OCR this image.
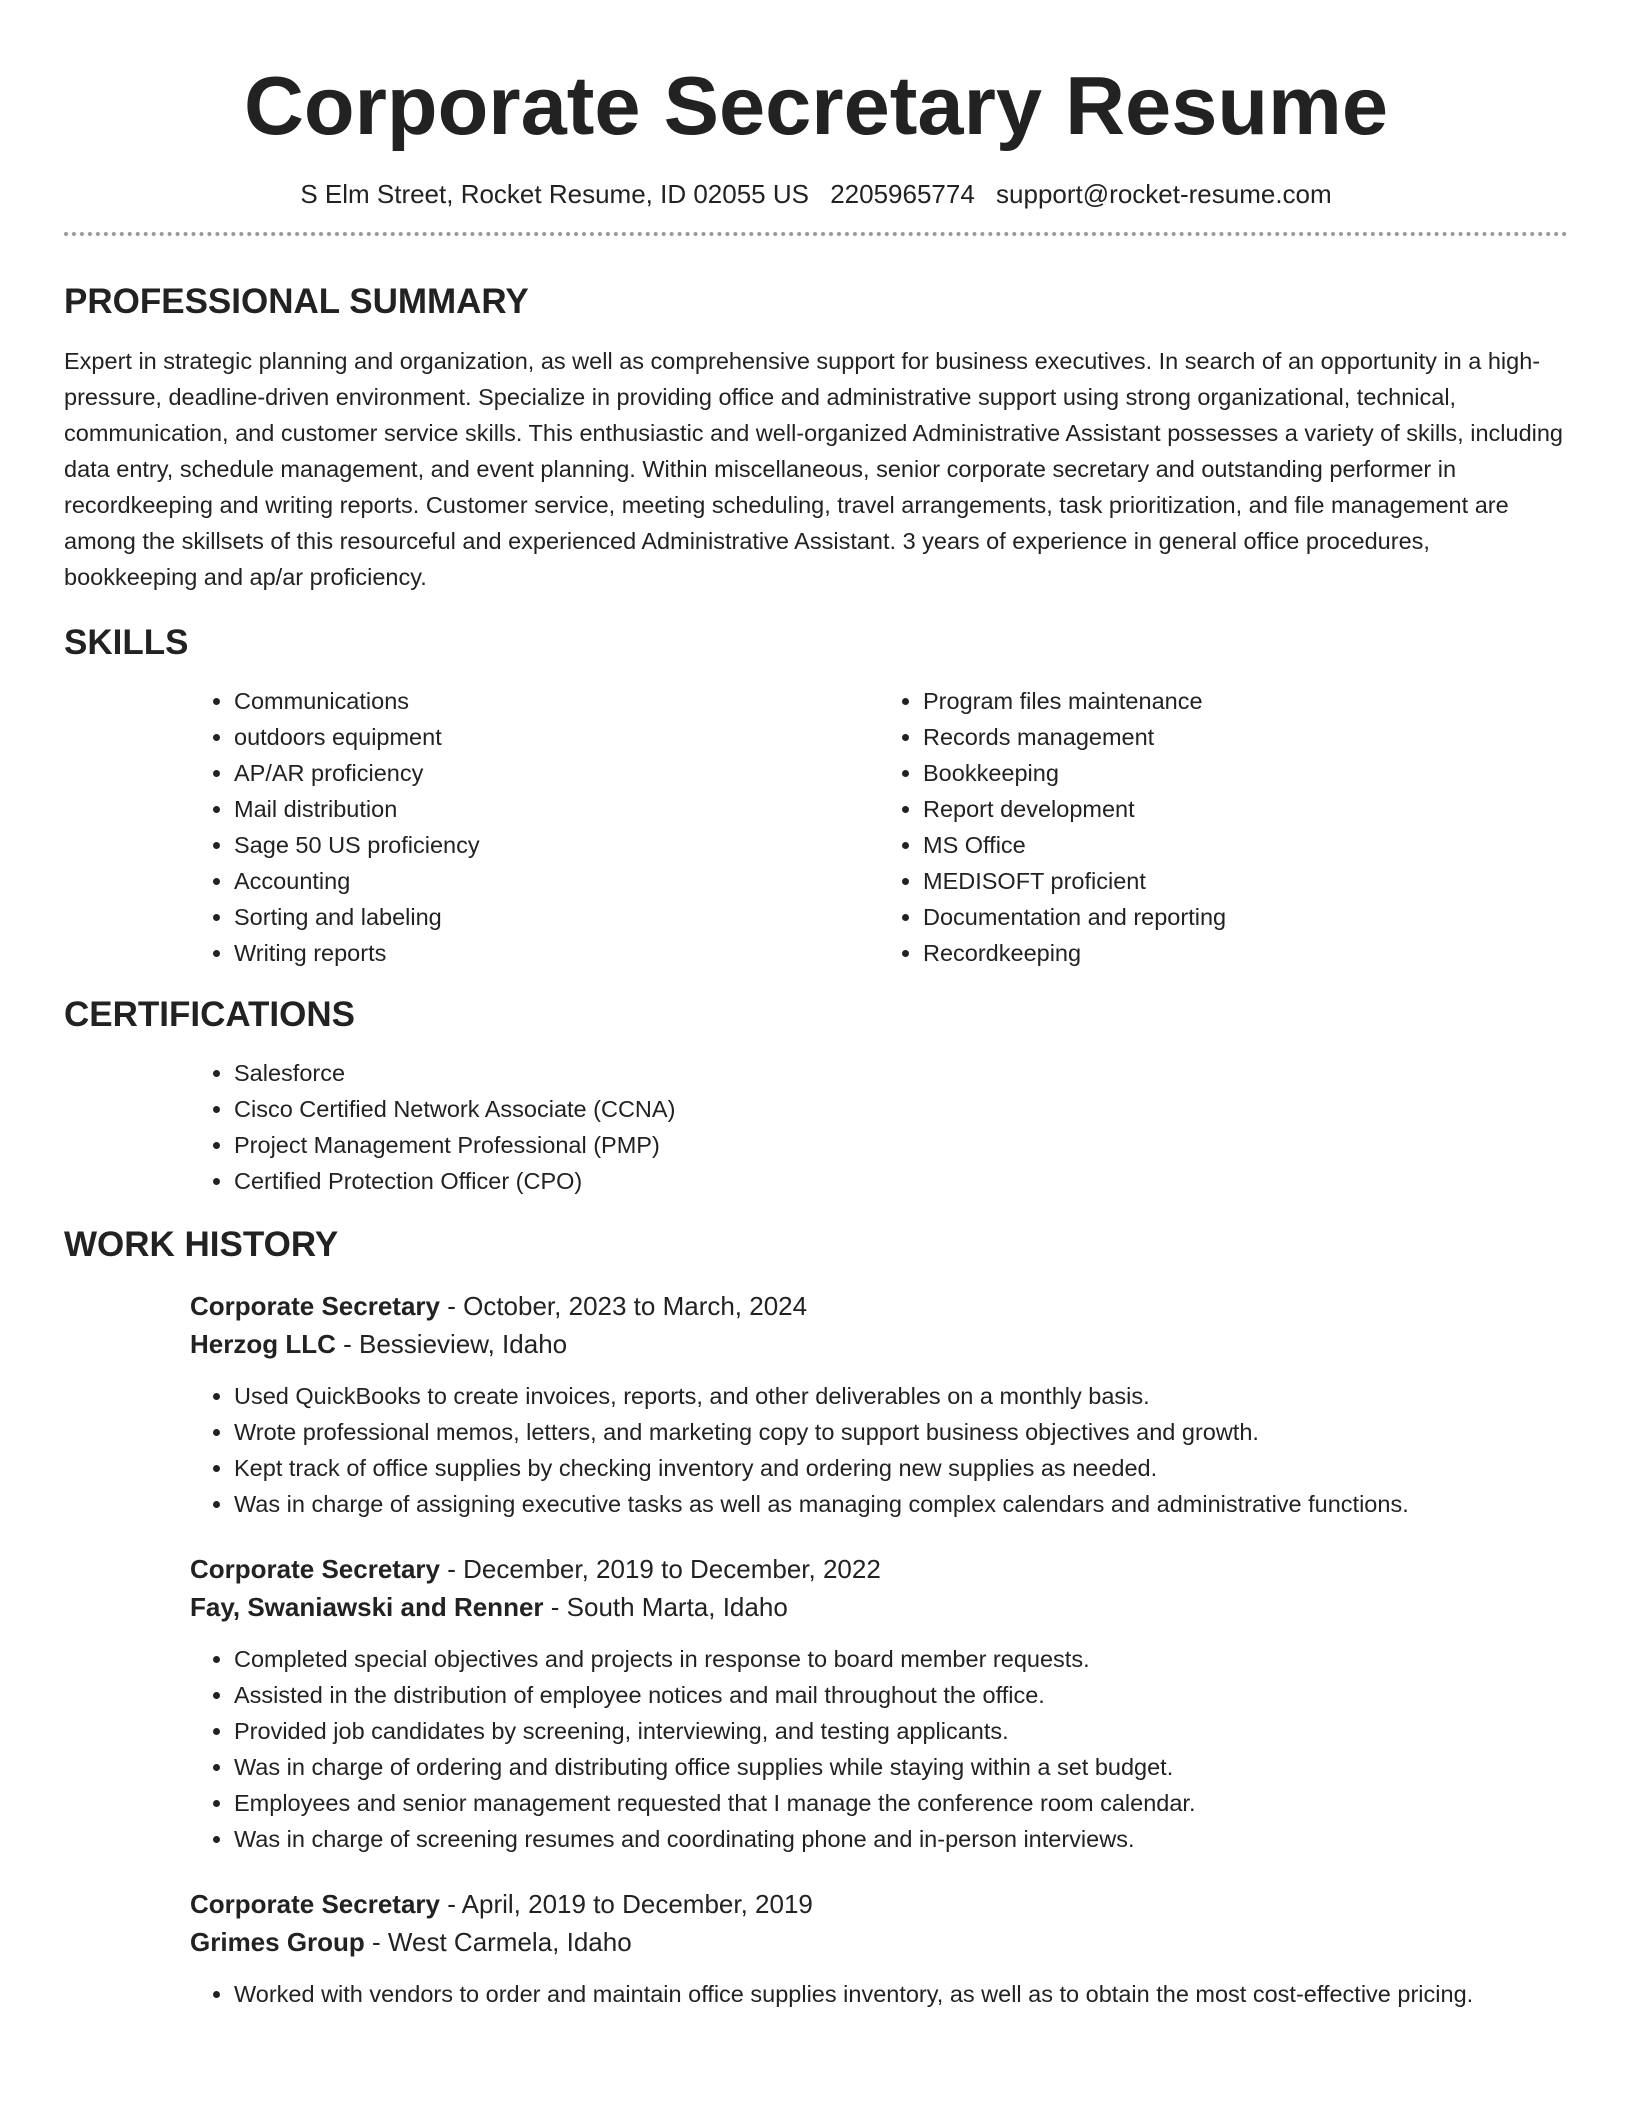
Corporate Secretary Resume
S Elm Street, Rocket Resume, ID 02055 US 2205965774 support@rocket-resume.com
PROFESSIONAL SUMMARY

Expert in strategic planning and organization, as well as comprehensive support for business executives. In search of an opportunity in a high-pressure, deadline-driven environment. Specialize in providing office and administrative support using strong organizational, technical, communication, and customer service skills. This enthusiastic and well-organized Administrative Assistant possesses a variety of skills, including data entry, schedule management, and event planning. Within miscellaneous, senior corporate secretary and outstanding performer in recordkeeping and writing reports. Customer service, meeting scheduling, travel arrangements, task prioritization, and file management are among the skillsets of this resourceful and experienced Administrative Assistant. 3 years of experience in general office procedures, bookkeeping and ap/ar proficiency.

SKILLS
• Communications
• outdoors equipment
• AP/AR proficiency
• Mail distribution
• Sage 50 US proficiency
• Accounting
• Sorting and labeling
• Writing reports
• Program files maintenance
• Records management
• Bookkeeping
• Report development
• MS Office
• MEDISOFT proficient
• Documentation and reporting
• Recordkeeping
CERTIFICATIONS
• Salesforce
• Cisco Certified Network Associate (CCNA)
• Project Management Professional (PMP)
• Certified Protection Officer (CPO)
WORK HISTORY
Corporate Secretary - October, 2023 to March, 2024
Herzog LLC - Bessieview, Idaho
• Used QuickBooks to create invoices, reports, and other deliverables on a monthly basis.
• Wrote professional memos, letters, and marketing copy to support business objectives and growth.
• Kept track of office supplies by checking inventory and ordering new supplies as needed.
• Was in charge of assigning executive tasks as well as managing complex calendars and administrative functions.
Corporate Secretary - December, 2019 to December, 2022
Fay, Swaniawski and Renner - South Marta, Idaho
• Completed special objectives and projects in response to board member requests.
• Assisted in the distribution of employee notices and mail throughout the office.
• Provided job candidates by screening, interviewing, and testing applicants.
• Was in charge of ordering and distributing office supplies while staying within a set budget.
• Employees and senior management requested that I manage the conference room calendar.
• Was in charge of screening resumes and coordinating phone and in-person interviews.
Corporate Secretary - April, 2019 to December, 2019
Grimes Group - West Carmela, Idaho
• Worked with vendors to order and maintain office supplies inventory, as well as to obtain the most cost-effective pricing.
